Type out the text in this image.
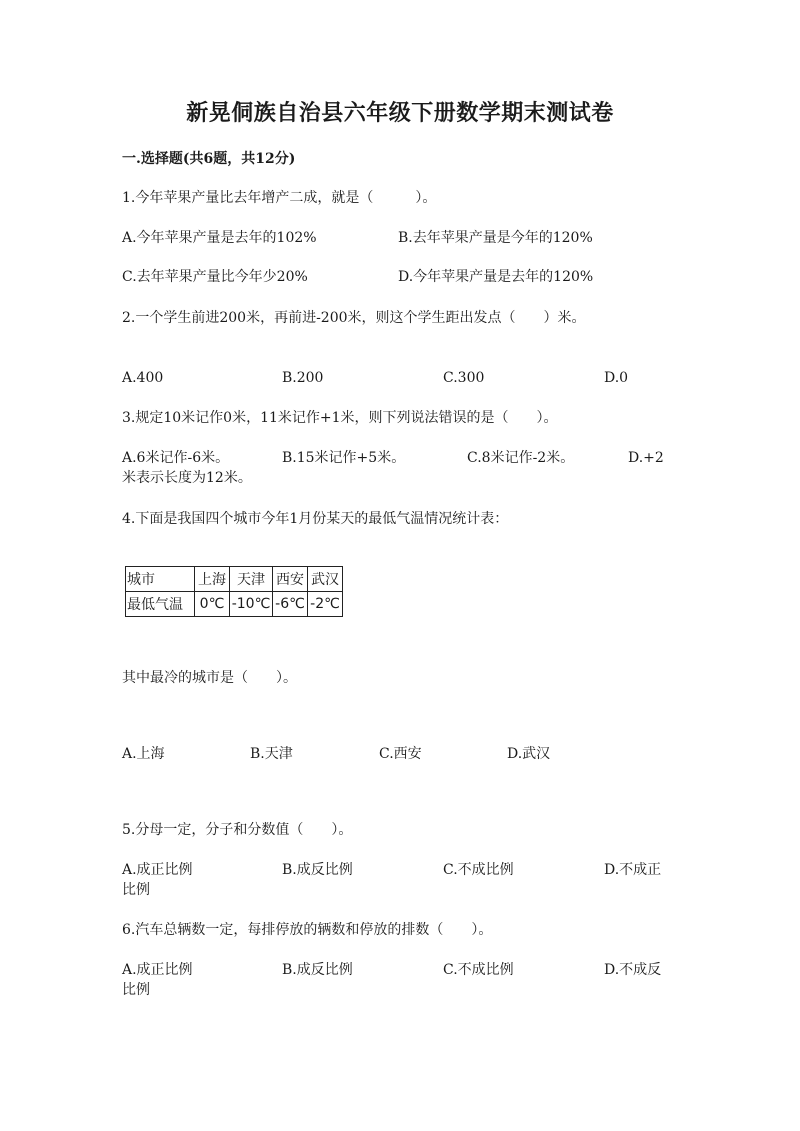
新晃侗族自治县六年级下册数学期末测试卷
一.选择题(共6题，共12分)
1.今年苹果产量比去年增产二成，就是（　　　）。
A.今年苹果产量是去年的102%	B.去年苹果产量是今年的120%
C.去年苹果产量比今年少20%	D.今年苹果产量是去年的120%
2.一个学生前进200米，再前进-200米，则这个学生距出发点（　　）米。
A.400	B.200	C.300	D.0
3.规定10米记作0米，11米记作+1米，则下列说法错误的是（　　）。
A.6米记作-6米。	B.15米记作+5米。	C.8米记作-2米。	D.+2
米表示长度为12米。
4.下面是我国四个城市今年1月份某天的最低气温情况统计表：
城市	上海	天津	西安	武汉
最低气温	0℃	-10℃	-6℃	-2℃
其中最冷的城市是（　　）。
A.上海	B.天津	C.西安	D.武汉
5.分母一定，分子和分数值（　　）。
A.成正比例	B.成反比例	C.不成比例	D.不成正
比例
6.汽车总辆数一定，每排停放的辆数和停放的排数（　　）。
A.成正比例	B.成反比例	C.不成比例	D.不成反
比例
